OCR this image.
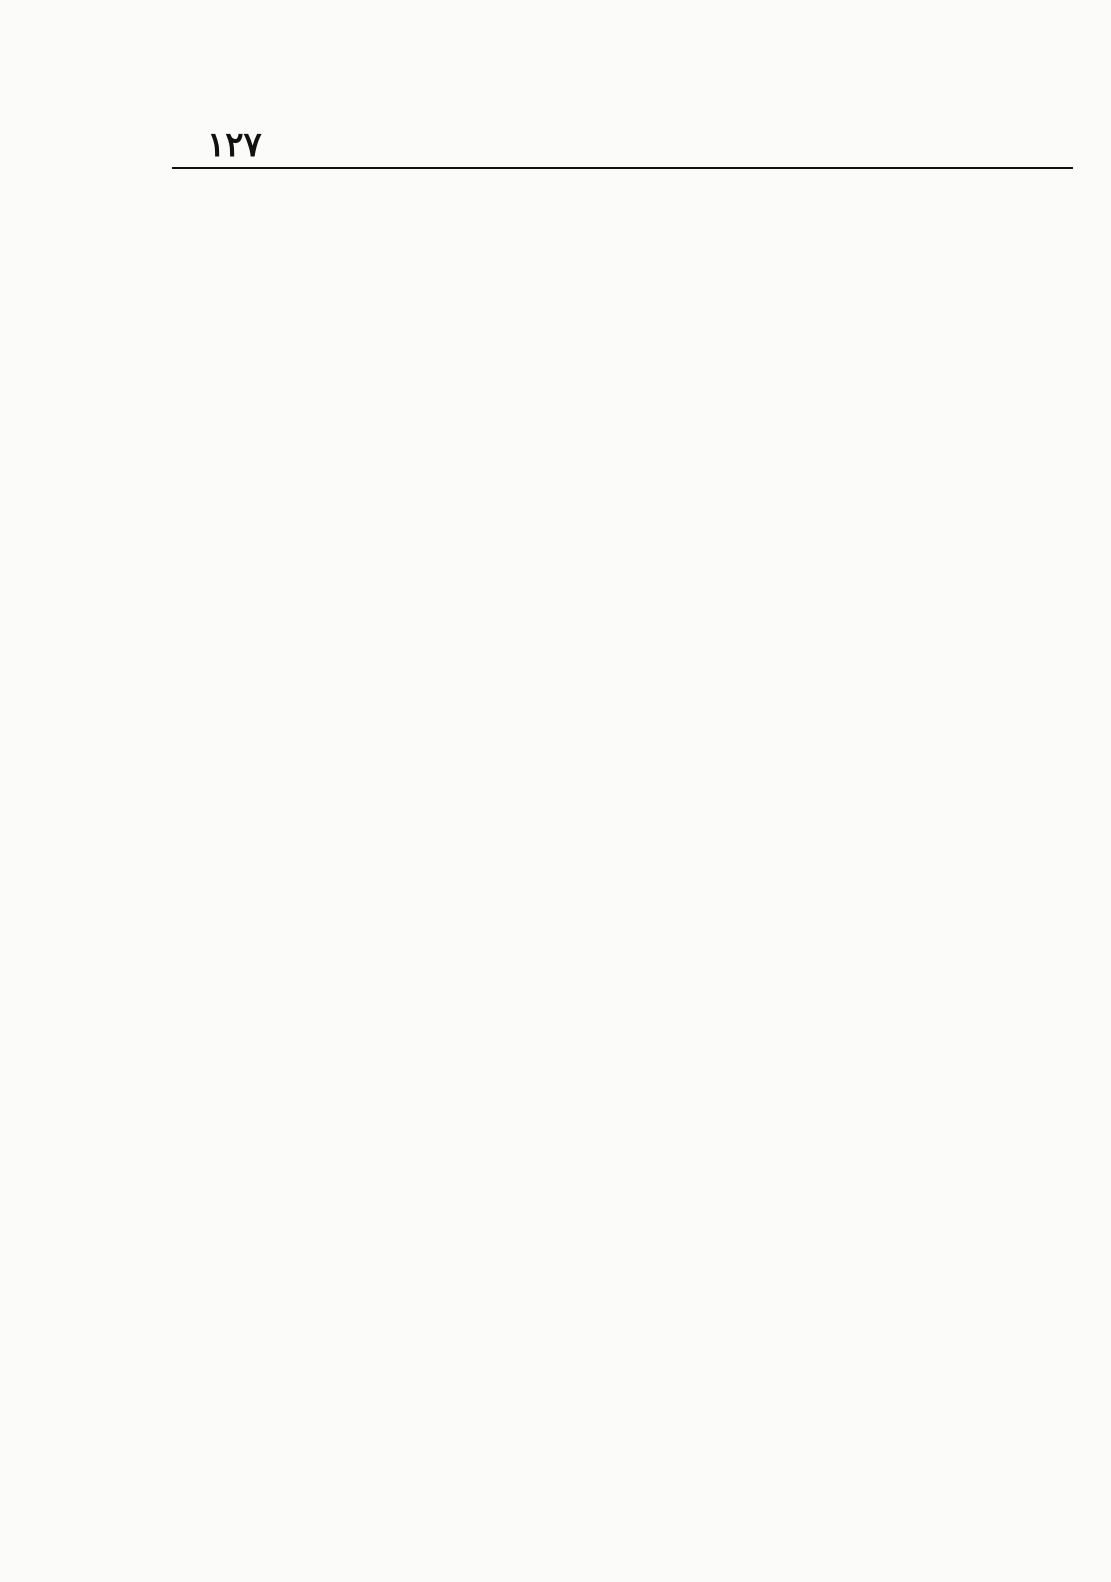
١٢٧
